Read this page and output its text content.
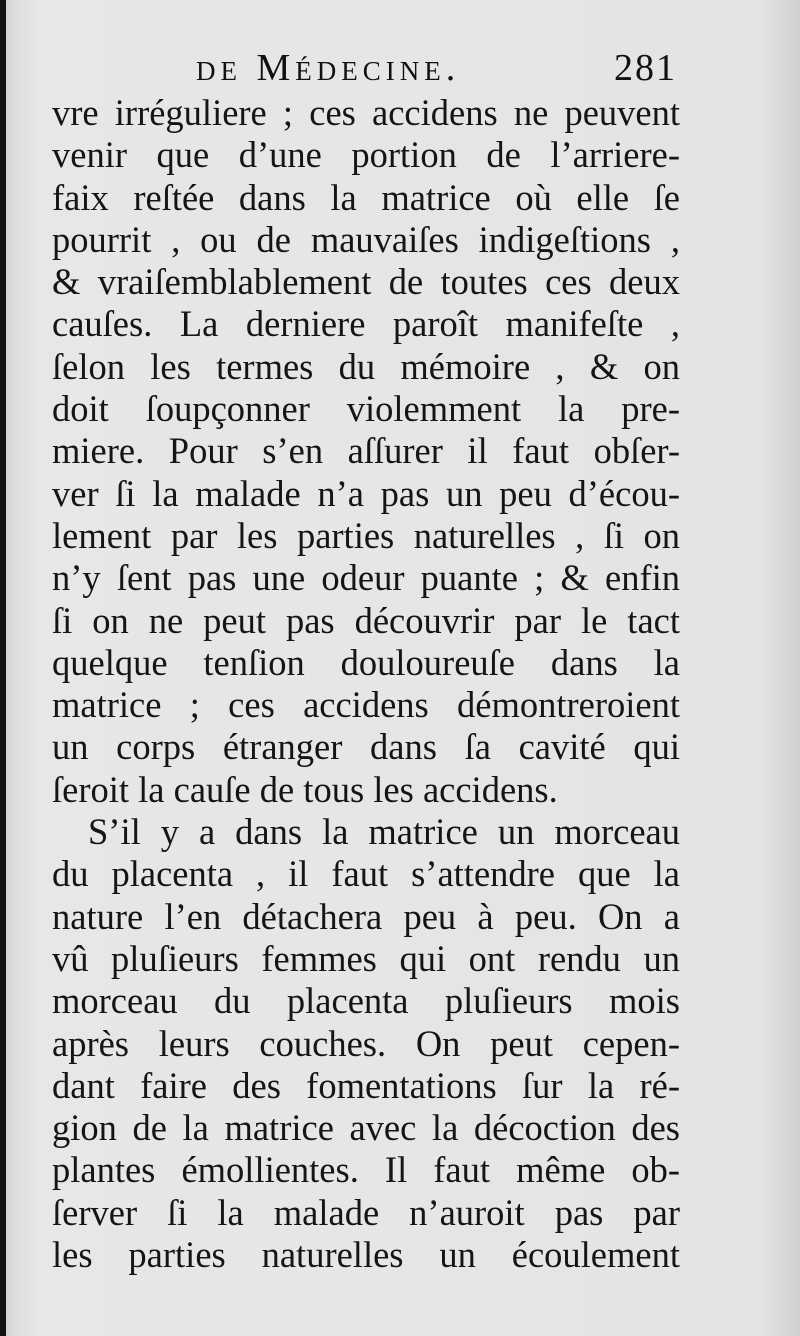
de Médecine.	281
vre irréguliere ; ces accidens ne peuvent
venir que d’une portion de l’arriere-
faix reſtée dans la matrice où elle ſe
pourrit , ou de mauvaiſes indigeſtions ,
& vraiſemblablement de toutes ces deux
cauſes. La derniere paroît manifeſte ,
ſelon les termes du mémoire , & on
doit ſoupçonner violemment la pre-
miere. Pour s’en aſſurer il faut obſer-
ver ſi la malade n’a pas un peu d’écou-
lement par les parties naturelles , ſi on
n’y ſent pas une odeur puante ; & enfin
ſi on ne peut pas découvrir par le tact
quelque tenſion douloureuſe dans la
matrice ; ces accidens démontreroient
un corps étranger dans ſa cavité qui
ſeroit la cauſe de tous les accidens.
S’il y a dans la matrice un morceau
du placenta , il faut s’attendre que la
nature l’en détachera peu à peu. On a
vû pluſieurs femmes qui ont rendu un
morceau du placenta pluſieurs mois
après leurs couches. On peut cepen-
dant faire des fomentations ſur la ré-
gion de la matrice avec la décoction des
plantes émollientes. Il faut même ob-
ſerver ſi la malade n’auroit pas par
les parties naturelles un écoulement
